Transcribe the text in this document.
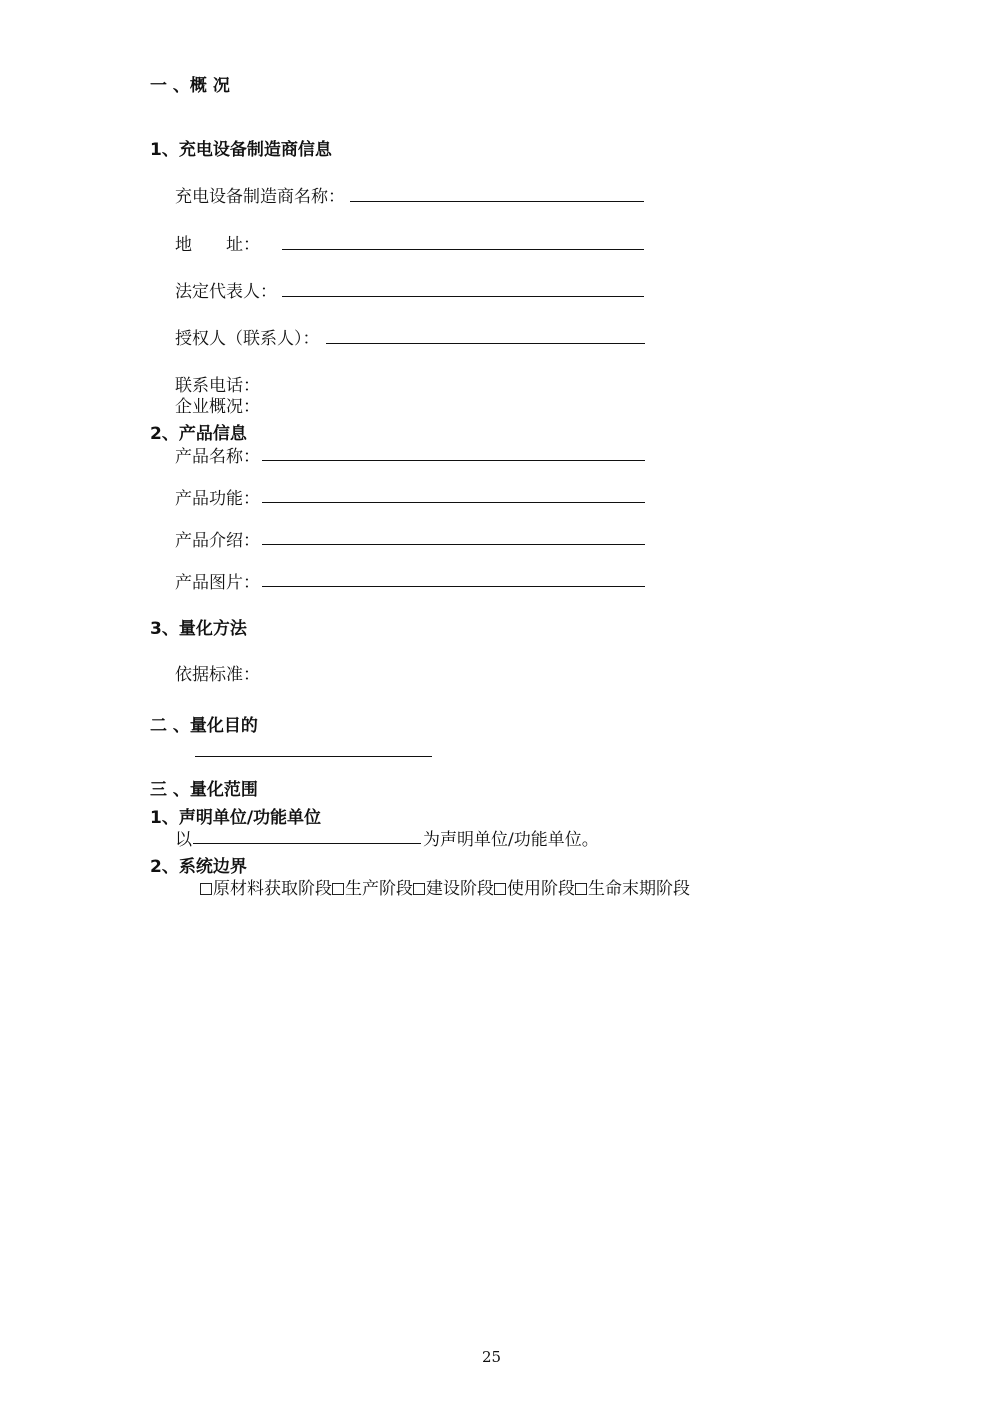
一 、概 况
1、充电设备制造商信息
充电设备制造商名称：
地　　址：
法定代表人：
授权人（联系人）：
联系电话：
企业概况：
2、产品信息
产品名称：
产品功能：
产品介绍：
产品图片：
3、量化方法
依据标准：
二 、量化目的
三 、量化范围
1、声明单位/功能单位
以	为声明单位/功能单位。
2、系统边界
原材料获取阶段 生产阶段 建设阶段 使用阶段 生命末期阶段
25
